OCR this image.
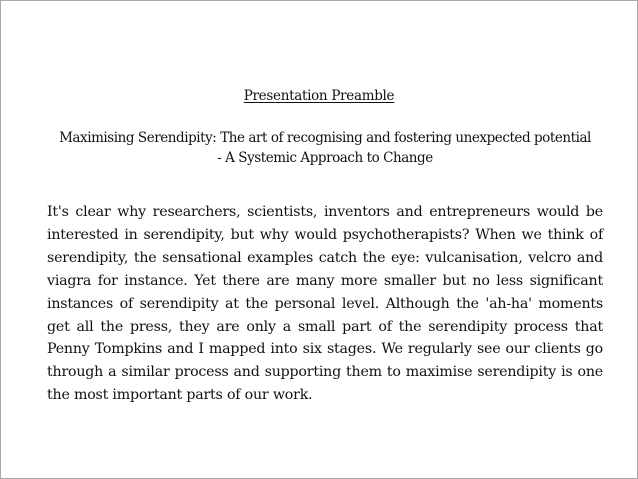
Presentation Preamble
Maximising Serendipity: The art of recognising and fostering unexpected potential
- A Systemic Approach to Change

It's clear why researchers, scientists, inventors and entrepreneurs would be interested in serendipity, but why would psychotherapists? When we think of serendipity, the sensational examples catch the eye: vulcanisation, velcro and viagra for instance. Yet there are many more smaller but no less significant instances of serendipity at the personal level. Although the 'ah-ha' moments get all the press, they are only a small part of the serendipity process that Penny Tompkins and I mapped into six stages. We regularly see our clients go through a similar process and supporting them to maximise serendipity is one the most important parts of our work.
